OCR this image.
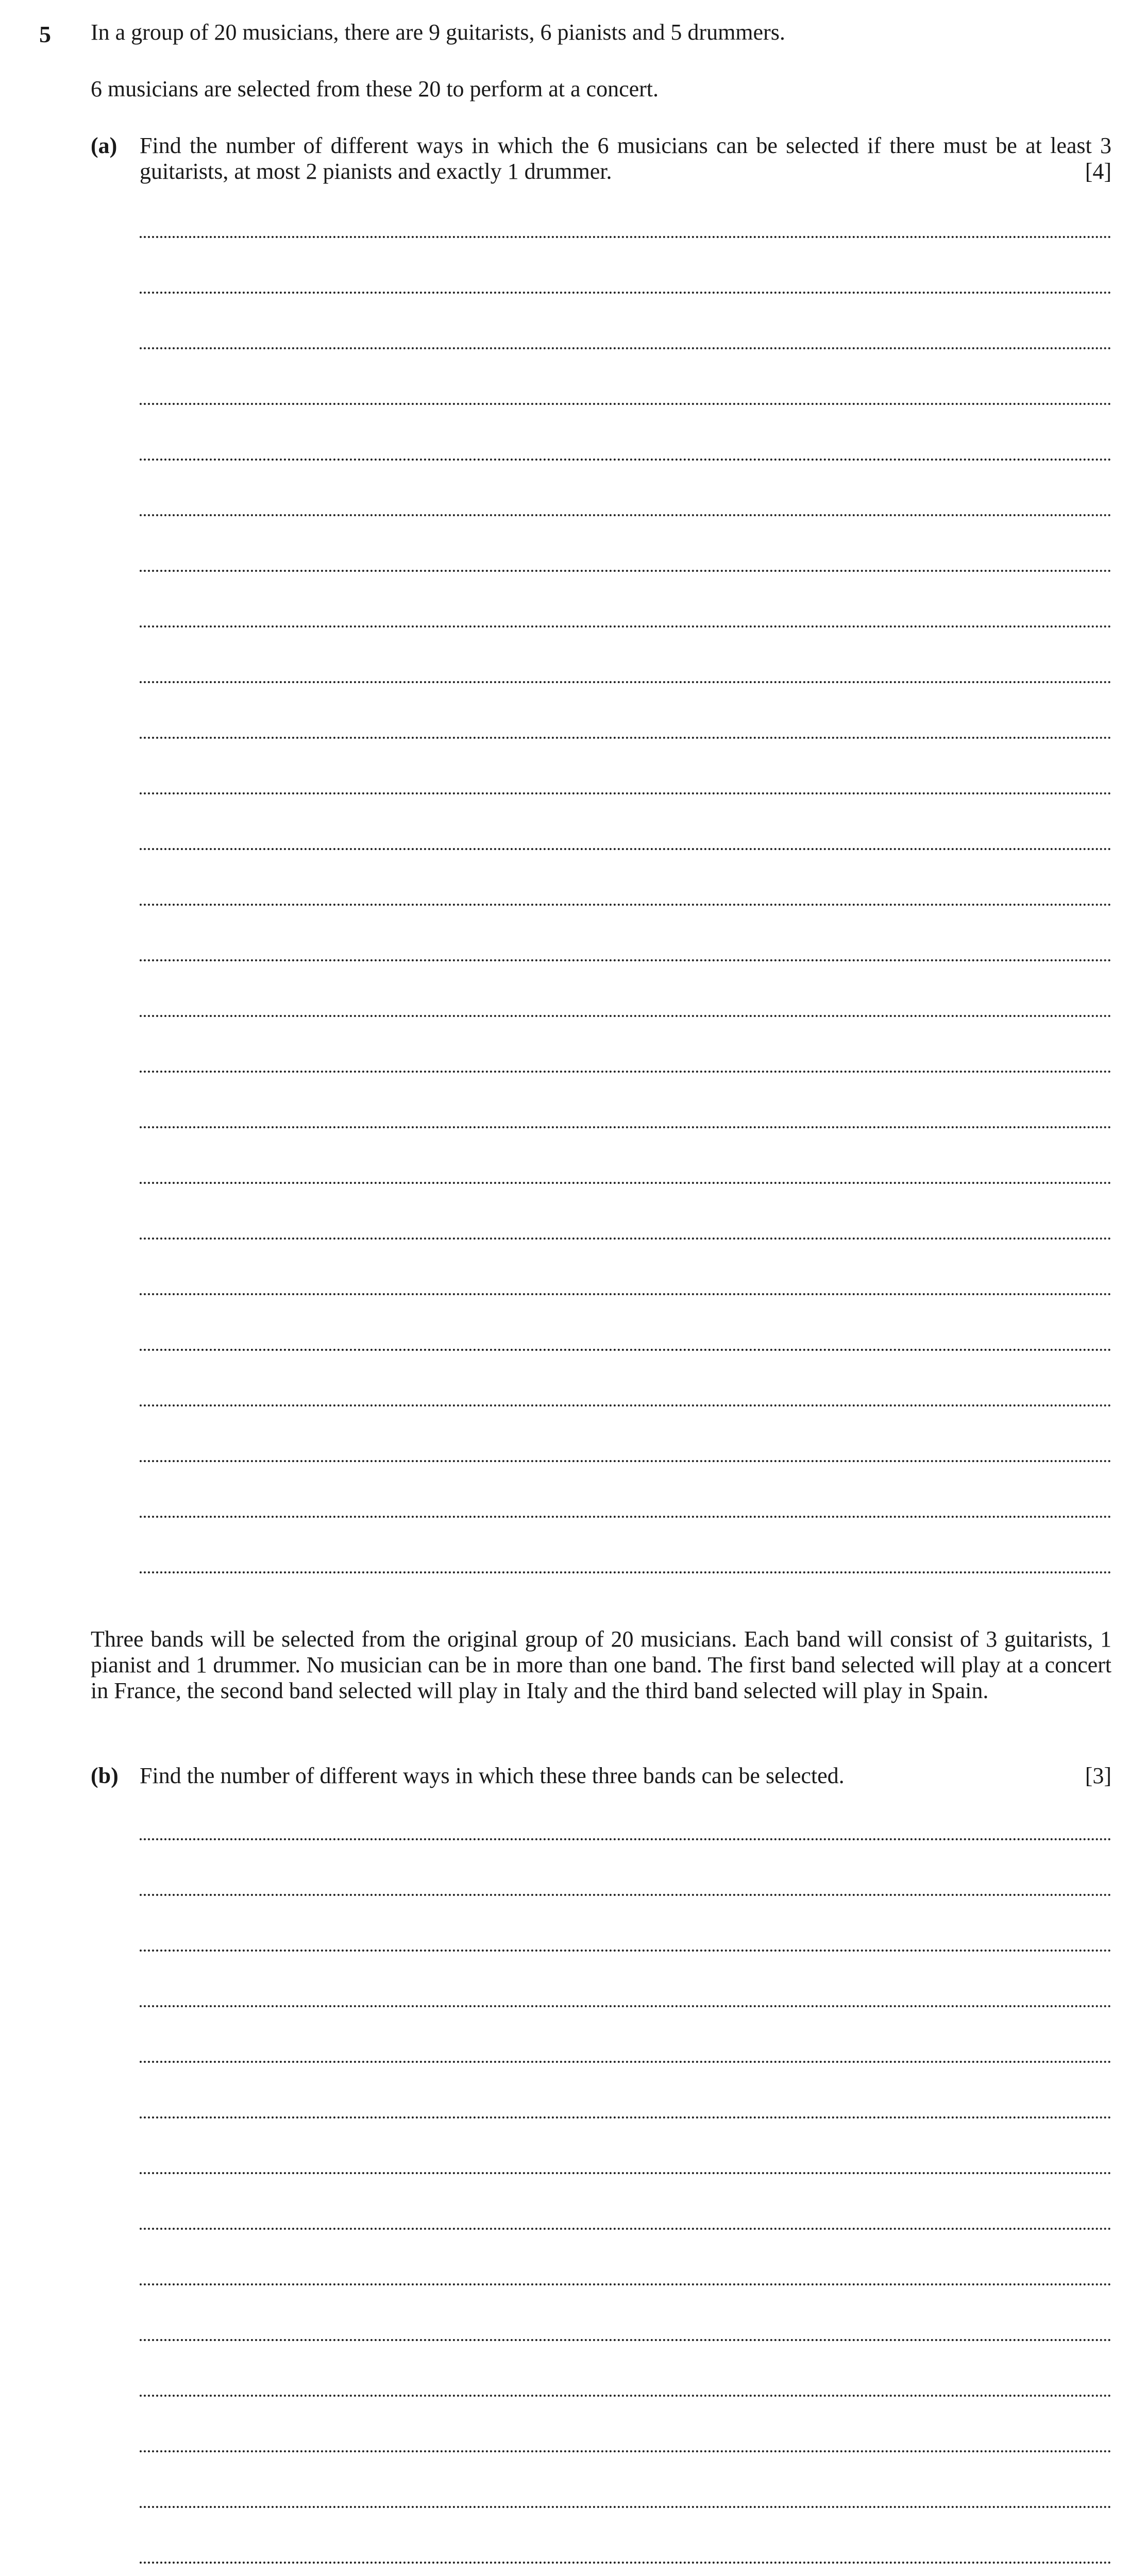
5 In a group of 20 musicians, there are 9 guitarists, 6 pianists and 5 drummers.
6 musicians are selected from these 20 to perform at a concert.
(a) Find the number of different ways in which the 6 musicians can be selected if there must be at least 3 guitarists, at most 2 pianists and exactly 1 drummer.	[4]
Three bands will be selected from the original group of 20 musicians. Each band will consist of 3 guitarists, 1 pianist and 1 drummer. No musician can be in more than one band. The first band selected will play at a concert in France, the second band selected will play in Italy and the third band selected will play in Spain.
(b) Find the number of different ways in which these three bands can be selected.	[3]
